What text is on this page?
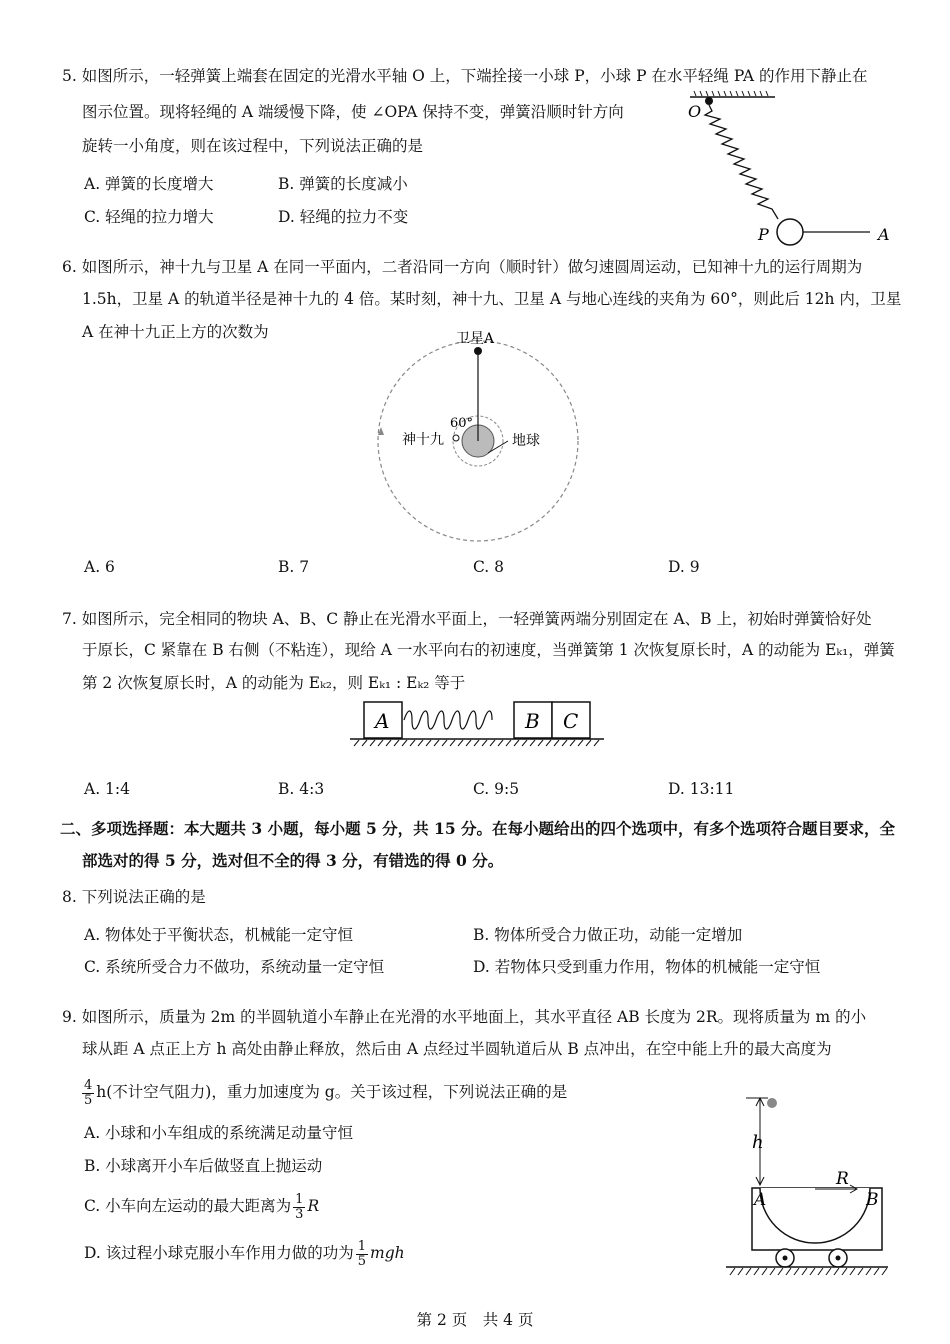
5. 如图所示，一轻弹簧上端套在固定的光滑水平轴 O 上，下端拴接一小球 P，小球 P 在水平轻绳 PA 的作用下静止在
图示位置。现将轻绳的 A 端缓慢下降，使 ∠OPA 保持不变，弹簧沿顺时针方向
旋转一小角度，则在该过程中，下列说法正确的是
A. 弹簧的长度增大	B. 弹簧的长度减小
C. 轻绳的拉力增大	D. 轻绳的拉力不变
O
P	A
6. 如图所示，神十九与卫星 A 在同一平面内，二者沿同一方向（顺时针）做匀速圆周运动，已知神十九的运行周期为
1.5h，卫星 A 的轨道半径是神十九的 4 倍。某时刻，神十九、卫星 A 与地心连线的夹角为 60°，则此后 12h 内，卫星
A 在神十九正上方的次数为	卫星A
60°
神十九	地球
A. 6	B. 7	C. 8	D. 9
7. 如图所示，完全相同的物块 A、B、C 静止在光滑水平面上，一轻弹簧两端分别固定在 A、B 上，初始时弹簧恰好处
于原长，C 紧靠在 B 右侧（不粘连），现给 A 一水平向右的初速度，当弹簧第 1 次恢复原长时，A 的动能为 Eₖ₁，弹簧
第 2 次恢复原长时，A 的动能为 Eₖ₂，则 Eₖ₁ : Eₖ₂ 等于
A	B C
A. 1:4	B. 4:3	C. 9:5	D. 13:11
二、多项选择题：本大题共 3 小题，每小题 5 分，共 15 分。在每小题给出的四个选项中，有多个选项符合题目要求，全
部选对的得 5 分，选对但不全的得 3 分，有错选的得 0 分。
8. 下列说法正确的是
A. 物体处于平衡状态，机械能一定守恒	B. 物体所受合力做正功，动能一定增加
C. 系统所受合力不做功，系统动量一定守恒	D. 若物体只受到重力作用，物体的机械能一定守恒
9. 如图所示，质量为 2m 的半圆轨道小车静止在光滑的水平地面上，其水平直径 AB 长度为 2R。现将质量为 m 的小
球从距 A 点正上方 h 高处由静止释放，然后由 A 点经过半圆轨道后从 B 点冲出，在空中能上升的最大高度为
$\frac{4}{5} h$(不计空气阻力)，重力加速度为 g。关于该过程，下列说法正确的是
A. 小球和小车组成的系统满足动量守恒
B. 小球离开小车后做竖直上抛运动
C. 小车向左运动的最大距离为 $\frac{1}{3}$ R
D. 该过程小球克服小车作用力做的功为 $\frac{1}{5}$ mgh
h
R
A	B
第 2 页　共 4 页
